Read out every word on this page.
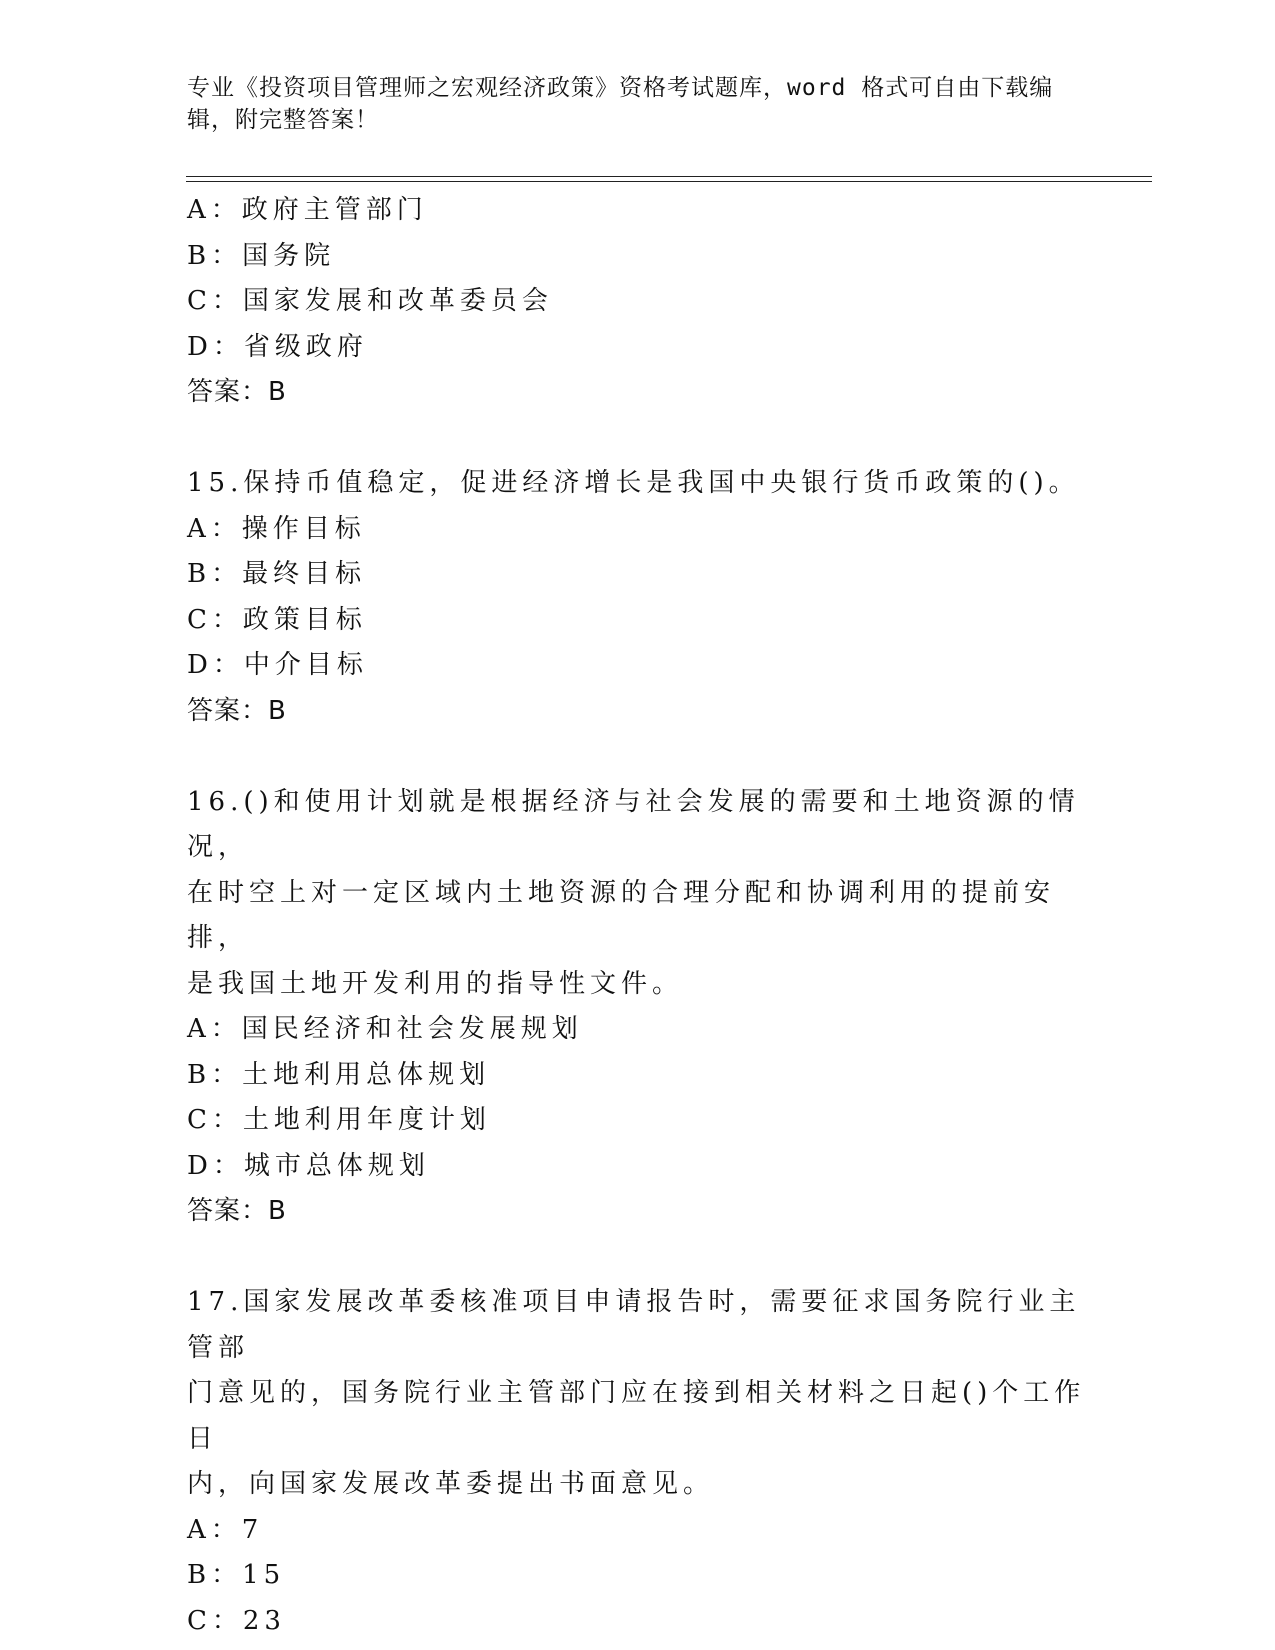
专业《投资项目管理师之宏观经济政策》资格考试题库，word 格式可自由下载编
辑，附完整答案！
A：政府主管部门
B：国务院
C：国家发展和改革委员会
D：省级政府
答案：B
15.保持币值稳定，促进经济增长是我国中央银行货币政策的()。
A：操作目标
B：最终目标
C：政策目标
D：中介目标
答案：B
16.()和使用计划就是根据经济与社会发展的需要和土地资源的情况，
在时空上对一定区域内土地资源的合理分配和协调利用的提前安排，
是我国土地开发利用的指导性文件。
A：国民经济和社会发展规划
B：土地利用总体规划
C：土地利用年度计划
D：城市总体规划
答案：B
17.国家发展改革委核准项目申请报告时，需要征求国务院行业主管部
门意见的，国务院行业主管部门应在接到相关材料之日起()个工作日
内，向国家发展改革委提出书面意见。
A：7
B：15
C：23
